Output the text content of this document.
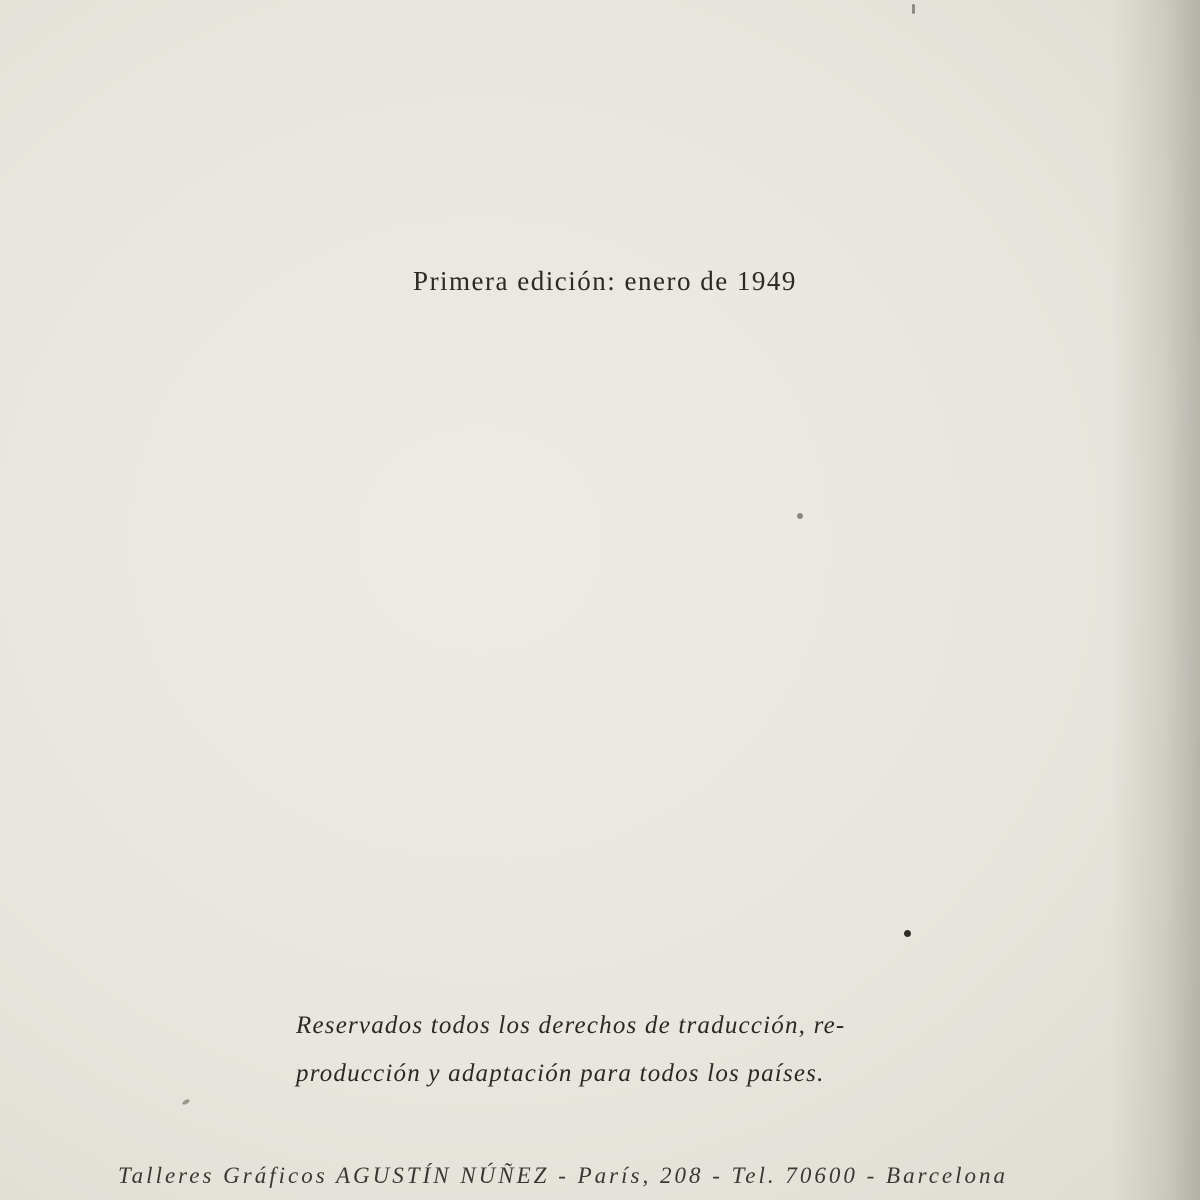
Primera edición: enero de 1949
Reservados todos los derechos de traducción, re-
producción y adaptación para todos los países.
Talleres Gráficos AGUSTÍN NÚÑEZ - París, 208 - Tel. 70600 - Barcelona
